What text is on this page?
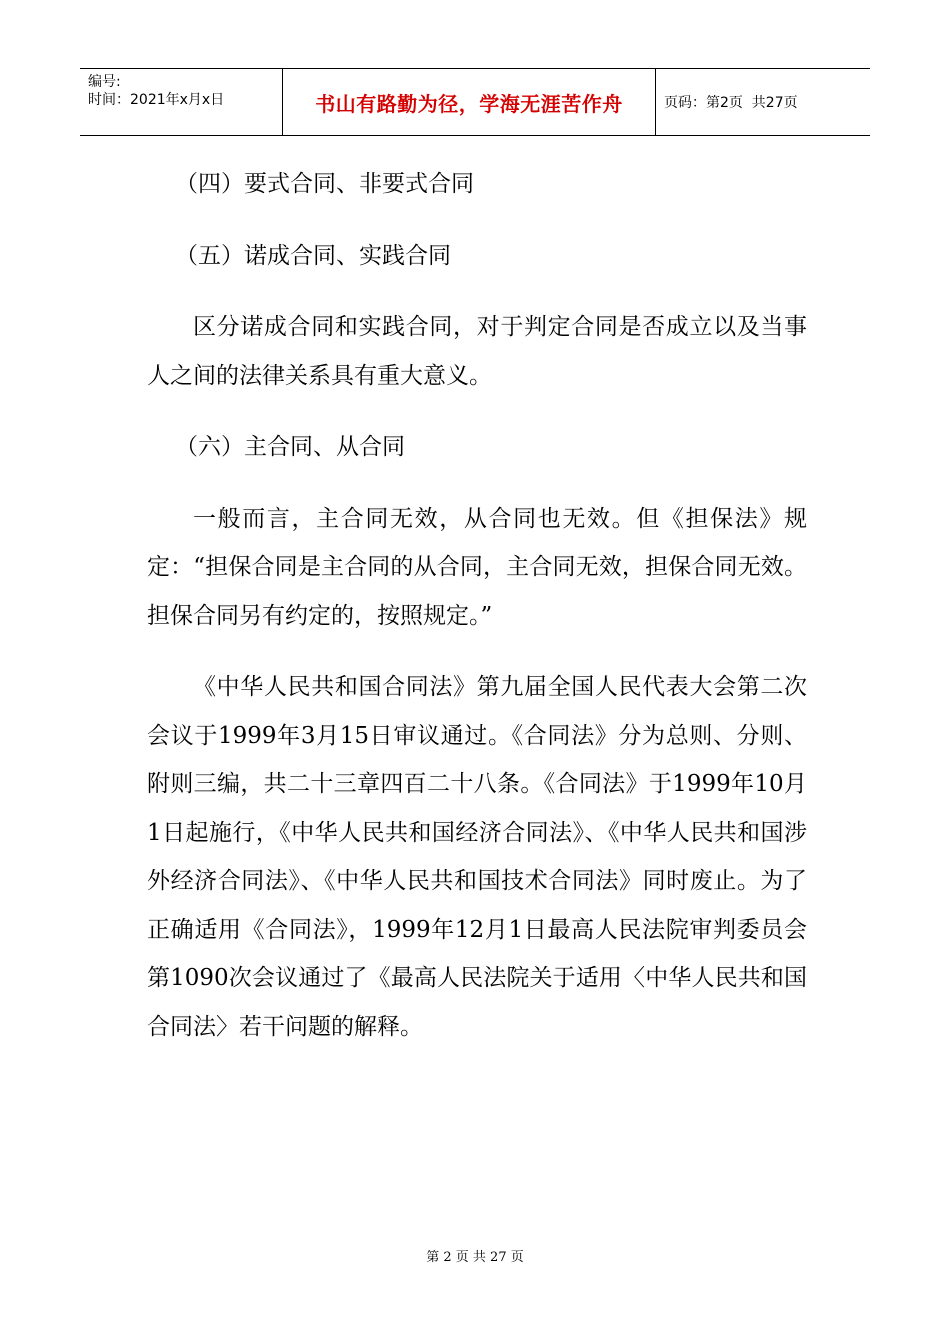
编号:
时间：2021年x月x日	书山有路勤为径，学海无涯苦作舟	页码：第2页  共27页
（四）要式合同、非要式合同
（五）诺成合同、实践合同
区分诺成合同和实践合同，对于判定合同是否成立以及当事人之间的法律关系具有重大意义。
（六）主合同、从合同
一般而言，主合同无效，从合同也无效。但《担保法》规定：“担保合同是主合同的从合同，主合同无效，担保合同无效。担保合同另有约定的，按照规定。”
《中华人民共和国合同法》第九届全国人民代表大会第二次会议于1999年3月15日审议通过。《合同法》分为总则、分则、附则三编，共二十三章四百二十八条。《合同法》于1999年10月1日起施行，《中华人民共和国经济合同法》、《中华人民共和国涉外经济合同法》、《中华人民共和国技术合同法》同时废止。为了正确适用《合同法》，1999年12月1日最高人民法院审判委员会第1090次会议通过了《最高人民法院关于适用〈中华人民共和国合同法〉若干问题的解释。
第 2 页 共 27 页
